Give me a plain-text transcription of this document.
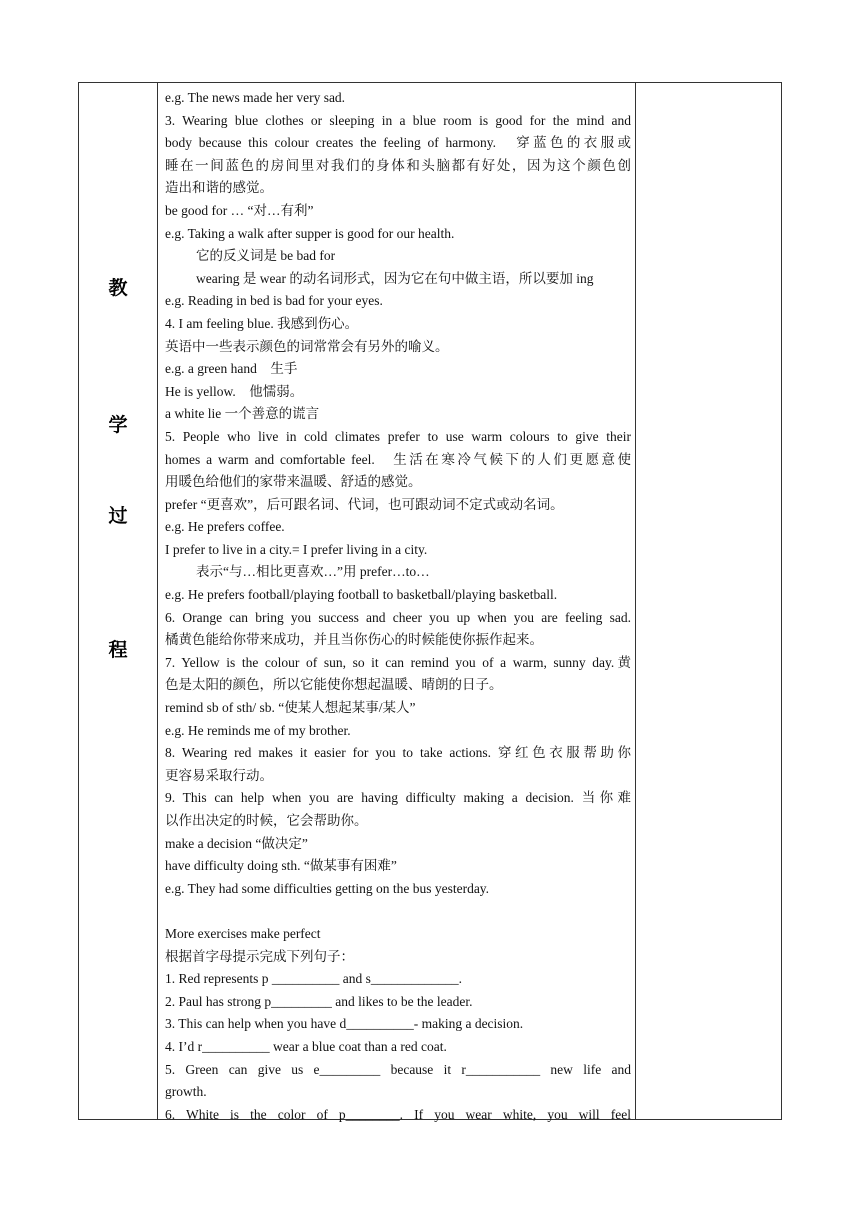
教
学
过
程
e.g. The news made her very sad.
3. Wearing blue clothes or sleeping in a blue room is good for the mind and
body because this colour creates the feeling of harmony.　穿蓝色的衣服或
睡在一间蓝色的房间里对我们的身体和头脑都有好处，因为这个颜色创
造出和谐的感觉。
be good for … “对…有利”
e.g. Taking a walk after supper is good for our health.
它的反义词是 be bad for
wearing 是 wear 的动名词形式，因为它在句中做主语，所以要加 ing
e.g. Reading in bed is bad for your eyes.
4. I am feeling blue. 我感到伤心。
英语中一些表示颜色的词常常会有另外的喻义。
e.g. a green hand　生手
He is yellow.　他懦弱。
a white lie 一个善意的谎言
5. People who live in cold climates prefer to use warm colours to give their
homes a warm and comfortable feel.　生活在寒冷气候下的人们更愿意使
用暖色给他们的家带来温暖、舒适的感觉。
prefer “更喜欢”，后可跟名词、代词，也可跟动词不定式或动名词。
e.g. He prefers coffee.
I prefer to live in a city.= I prefer living in a city.
表示“与…相比更喜欢…”用 prefer…to…
e.g. He prefers football/playing football to basketball/playing basketball.
6. Orange can bring you success and cheer you up when you are feeling sad.
橘黄色能给你带来成功，并且当你伤心的时候能使你振作起来。
7. Yellow is the colour of sun, so it can remind you of a warm, sunny day.黄
色是太阳的颜色，所以它能使你想起温暖、晴朗的日子。
remind sb of sth/ sb. “使某人想起某事/某人”
e.g. He reminds me of my brother.
8. Wearing red makes it easier for you to take actions. 穿红色衣服帮助你
更容易采取行动。
9. This can help when you are having difficulty making a decision. 当你难
以作出决定的时候，它会帮助你。
make a decision “做决定”
have difficulty doing sth. “做某事有困难”
e.g. They had some difficulties getting on the bus yesterday.
More exercises make perfect
根据首字母提示完成下列句子：
1. Red represents p __________ and s_____________.
2. Paul has strong p_________ and likes to be the leader.
3. This can help when you have d__________- making a decision.
4. I’d r__________ wear a blue coat than a red coat.
5. Green can give us e_________ because it r___________ new life and
growth.
6. White is the color of p________. If you wear white, you will feel
